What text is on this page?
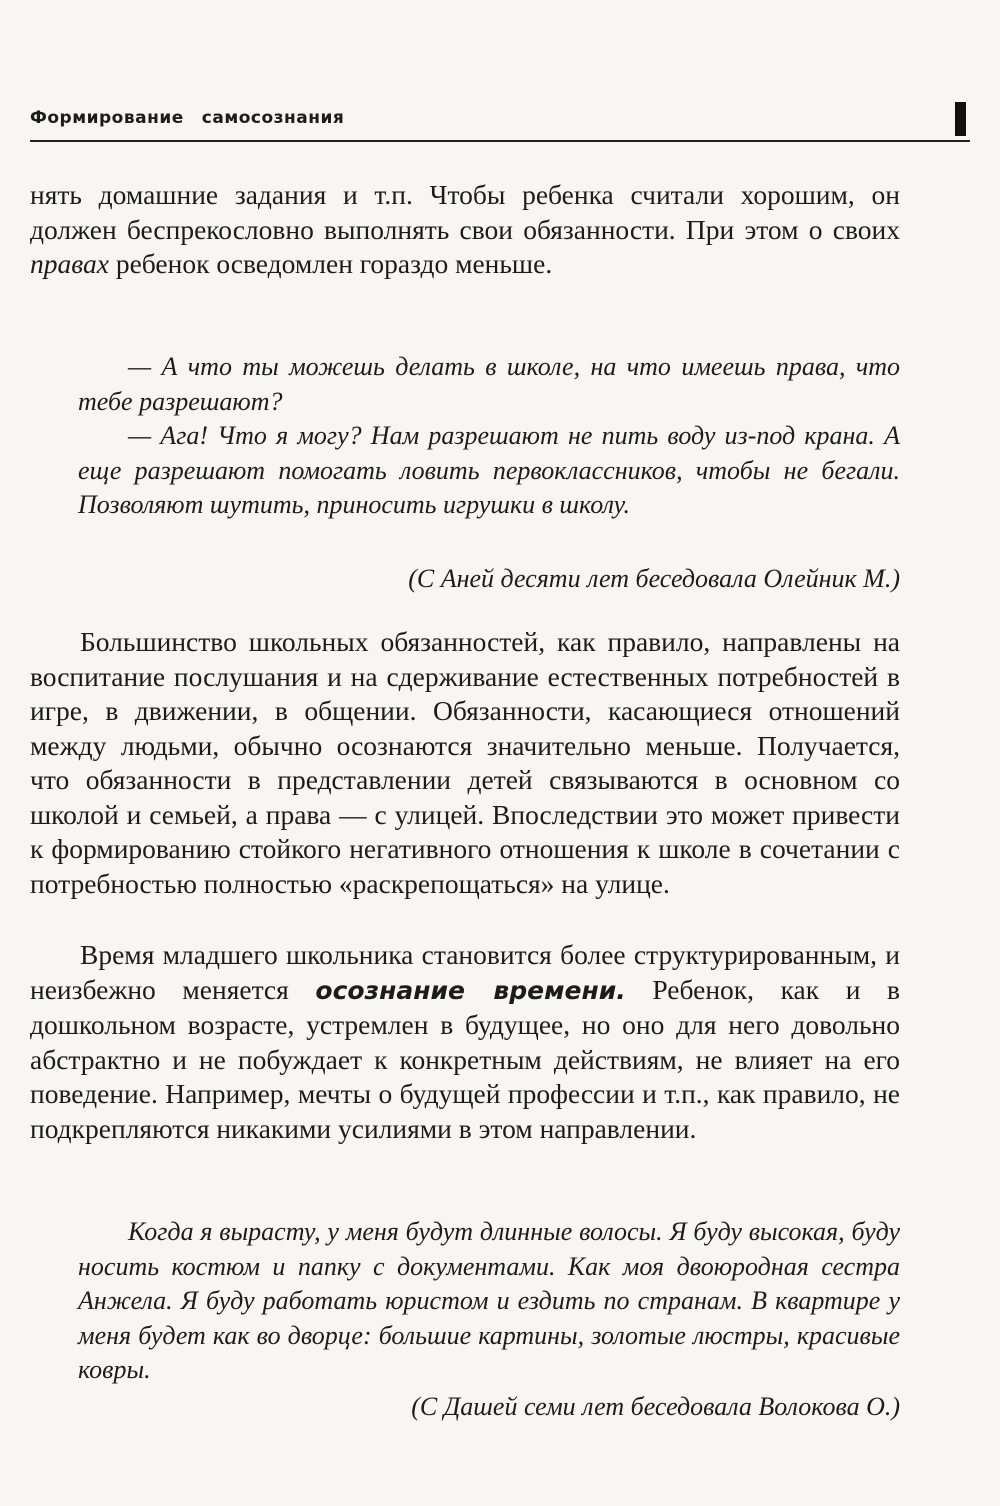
Формирование самосознания

нять домашние задания и т.п. Чтобы ребенка считали хорошим, он должен беспрекословно выполнять свои обязанности. При этом о своих правах ребенок осведомлен гораздо меньше.

— А что ты можешь делать в школе, на что имеешь права, что тебе разрешают?

— Ага! Что я могу? Нам разрешают не пить воду из-под крана. А еще разрешают помогать ловить первоклассников, чтобы не бегали. Позволяют шутить, приносить игрушки в школу.

(С Аней десяти лет беседовала Олейник М.)

Большинство школьных обязанностей, как правило, направлены на воспитание послушания и на сдерживание естественных потребностей в игре, в движении, в общении. Обязанности, касающиеся отношений между людьми, обычно осознаются значительно меньше. Получается, что обязанности в представлении детей связываются в основном со школой и семьей, а права — с улицей. Впоследствии это может привести к формированию стойкого негативного отношения к школе в сочетании с потребностью полностью «раскрепощаться» на улице.

Время младшего школьника становится более структурированным, и неизбежно меняется осознание времени. Ребенок, как и в дошкольном возрасте, устремлен в будущее, но оно для него довольно абстрактно и не побуждает к конкретным действиям, не влияет на его поведение. Например, мечты о будущей профессии и т.п., как правило, не подкрепляются никакими усилиями в этом направлении.

Когда я вырасту, у меня будут длинные волосы. Я буду высокая, буду носить костюм и папку с документами. Как моя двоюродная сестра Анжела. Я буду работать юристом и ездить по странам. В квартире у меня будет как во дворце: большие картины, золотые люстры, красивые ковры.

(С Дашей семи лет беседовала Волокова О.)
